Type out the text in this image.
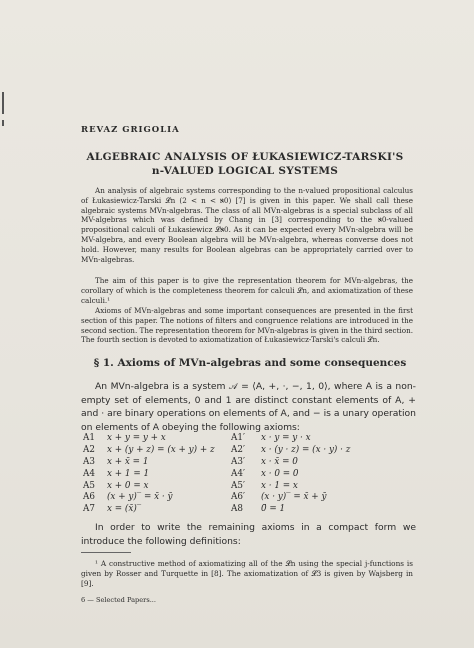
REVAZ GRIGOLIA
ALGEBRAIC ANALYSIS OF ŁUKASIEWICZ-TARSKI'S
n-VALUED LOGICAL SYSTEMS
An analysis of algebraic systems corresponding to the n-valued propositional calculus of Łukasiewicz-Tarski 𝓛n (2 < n < ℵ0) [7] is given in this paper. We shall call these algebraic systems MVn-algebras. The class of all MVn-algebras is a special subclass of all MV-algebras which was defined by Chang in [3] corresponding to the ℵ0-valued propositional calculi of Łukasiewicz 𝓛ℵ0. As it can be expected every MVn-algebra will be MV-algebra, and every Boolean algebra will be MVn-algebra, whereas converse does not hold. However, many results for Boolean algebras can be appropriately carried over to MVn-algebras.
The aim of this paper is to give the representation theorem for MVn-algebras, the corollary of which is the completeness theorem for calculi 𝓛n, and axiomatization of these calculi.¹
Axioms of MVn-algebras and some important consequences are presented in the first section of this paper. The notions of filters and congruence relations are introduced in the second section. The representation theorem for MVn-algebras is given in the third section. The fourth section is devoted to axiomatization of Łukasiewicz-Tarski's calculi 𝓛n.
§ 1. Axioms of MVn-algebras and some consequences
An MVn-algebra is a system 𝒜 = ⟨A, +, ·, −, 1, 0⟩, where A is a non-empty set of elements, 0 and 1 are distinct constant elements of A, + and · are binary operations on elements of A, and − is a unary operation on elements of A obeying the following axioms:
A1	x + y = y + x	A1′	x · y = y · x
A2	x + (y + z) = (x + y) + z A2′	x · (y · z) = (x · y) · z
A3	x + x̄ = 1	A3′	x · x̄ = 0
A4	x + 1 = 1	A4′	x · 0 = 0
A5	x + 0 = x	A5′	x · 1 = x
A6	(x + y)‾ = x̄ · ȳ	A6′	(x · y)‾ = x̄ + ȳ
A7	x = (x̄)‾	A8	0̄ = 1
In order to write the remaining axioms in a compact form we introduce the following definitions:
¹ A constructive method of axiomatizing all of the 𝓛n using the special j-functions is given by Rosser and Turquette in [8]. The axiomatization of 𝓛3 is given by Wajsberg in [9].
6 — Selected Papers...
